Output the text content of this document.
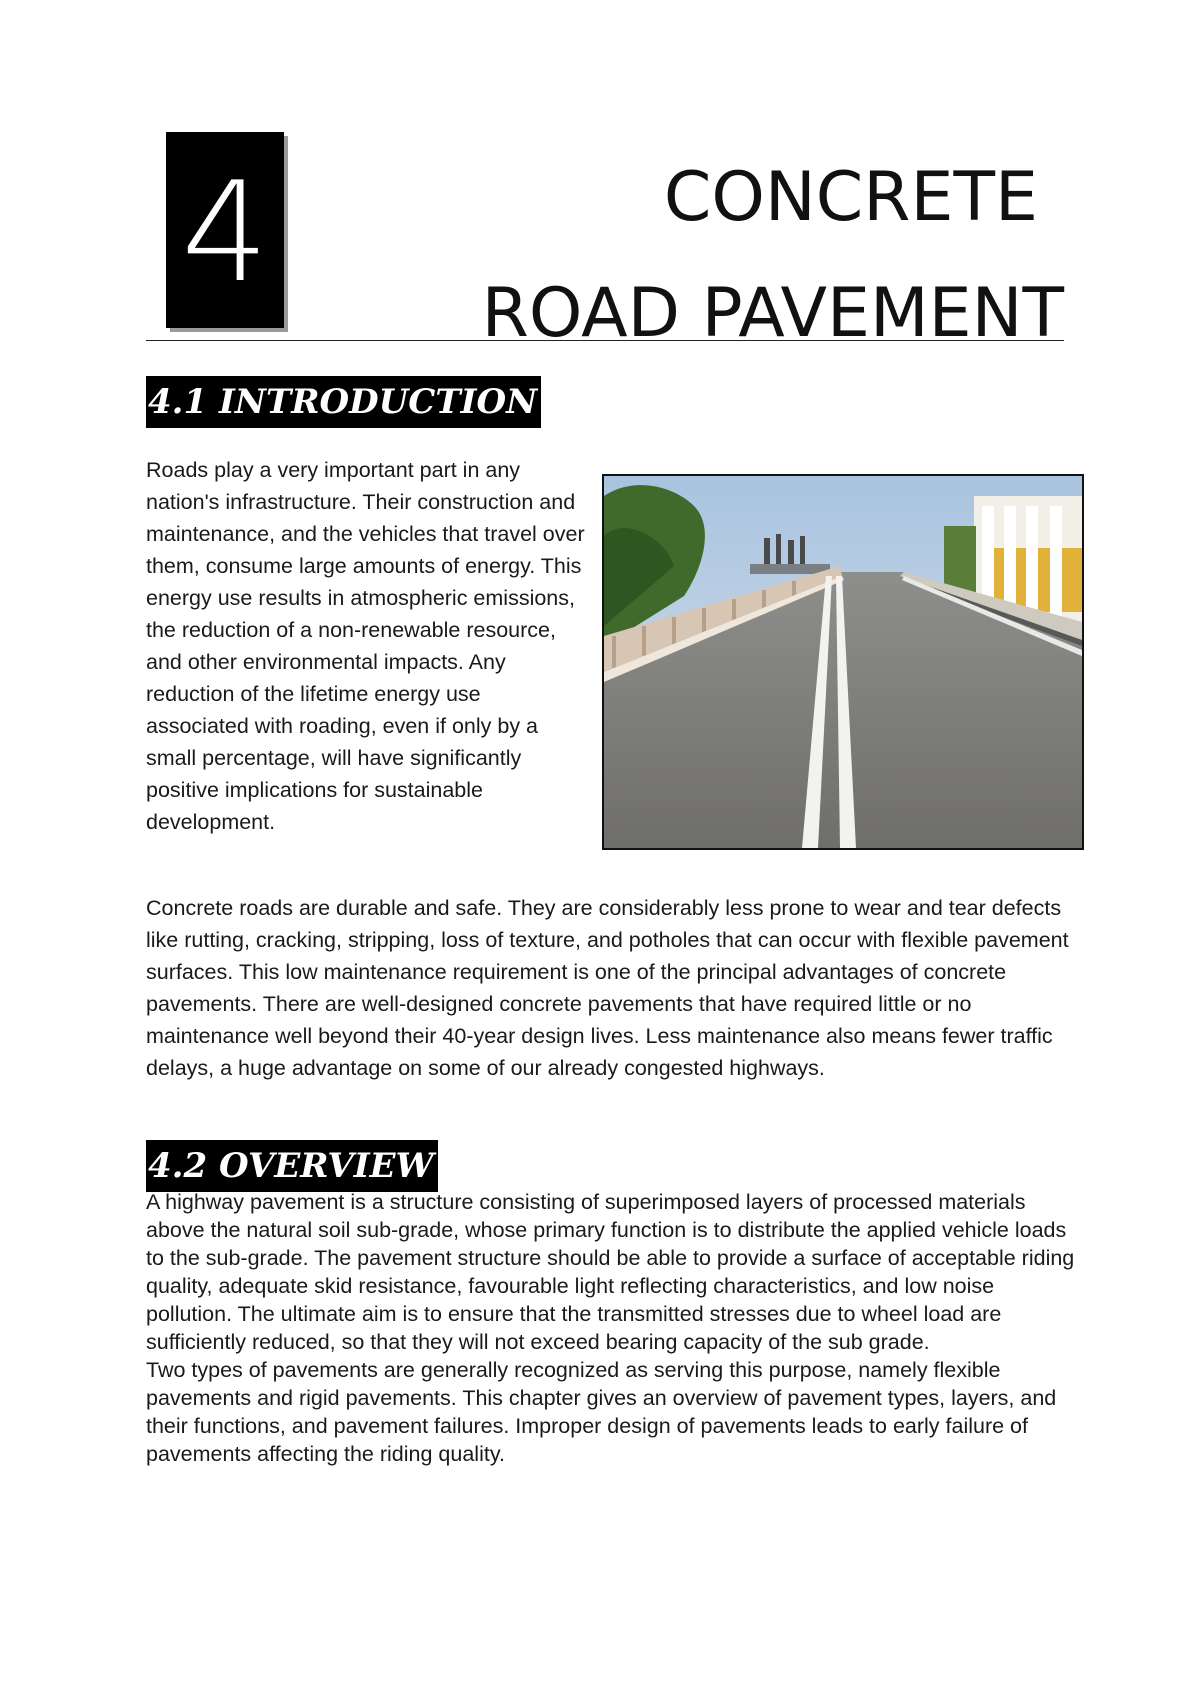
4	CONCRETE
ROAD PAVEMENT
4.1 INTRODUCTION

Roads play a very important part in any nation's infrastructure. Their construction and maintenance, and the vehicles that travel over them, consume large amounts of energy. This energy use results in atmospheric emissions, the reduction of a non-renewable resource, and other environmental impacts. Any reduction of the lifetime energy use associated with roading, even if only by a small percentage, will have significantly positive implications for sustainable development.

Concrete roads are durable and safe. They are considerably less prone to wear and tear defects like rutting, cracking, stripping, loss of texture, and potholes that can occur with flexible pavement surfaces. This low maintenance requirement is one of the principal advantages of concrete pavements. There are well-designed concrete pavements that have required little or no maintenance well beyond their 40-year design lives. Less maintenance also means fewer traffic delays, a huge advantage on some of our already congested highways.

4.2 OVERVIEW
A highway pavement is a structure consisting of superimposed layers of processed materials above the natural soil sub-grade, whose primary function is to distribute the applied vehicle loads to the sub-grade. The pavement structure should be able to provide a surface of acceptable riding quality, adequate skid resistance, favourable light reflecting characteristics, and low noise pollution. The ultimate aim is to ensure that the transmitted stresses due to wheel load are sufficiently reduced, so that they will not exceed bearing capacity of the sub grade.
Two types of pavements are generally recognized as serving this purpose, namely flexible pavements and rigid pavements. This chapter gives an overview of pavement types, layers, and their functions, and pavement failures. Improper design of pavements leads to early failure of pavements affecting the riding quality.
